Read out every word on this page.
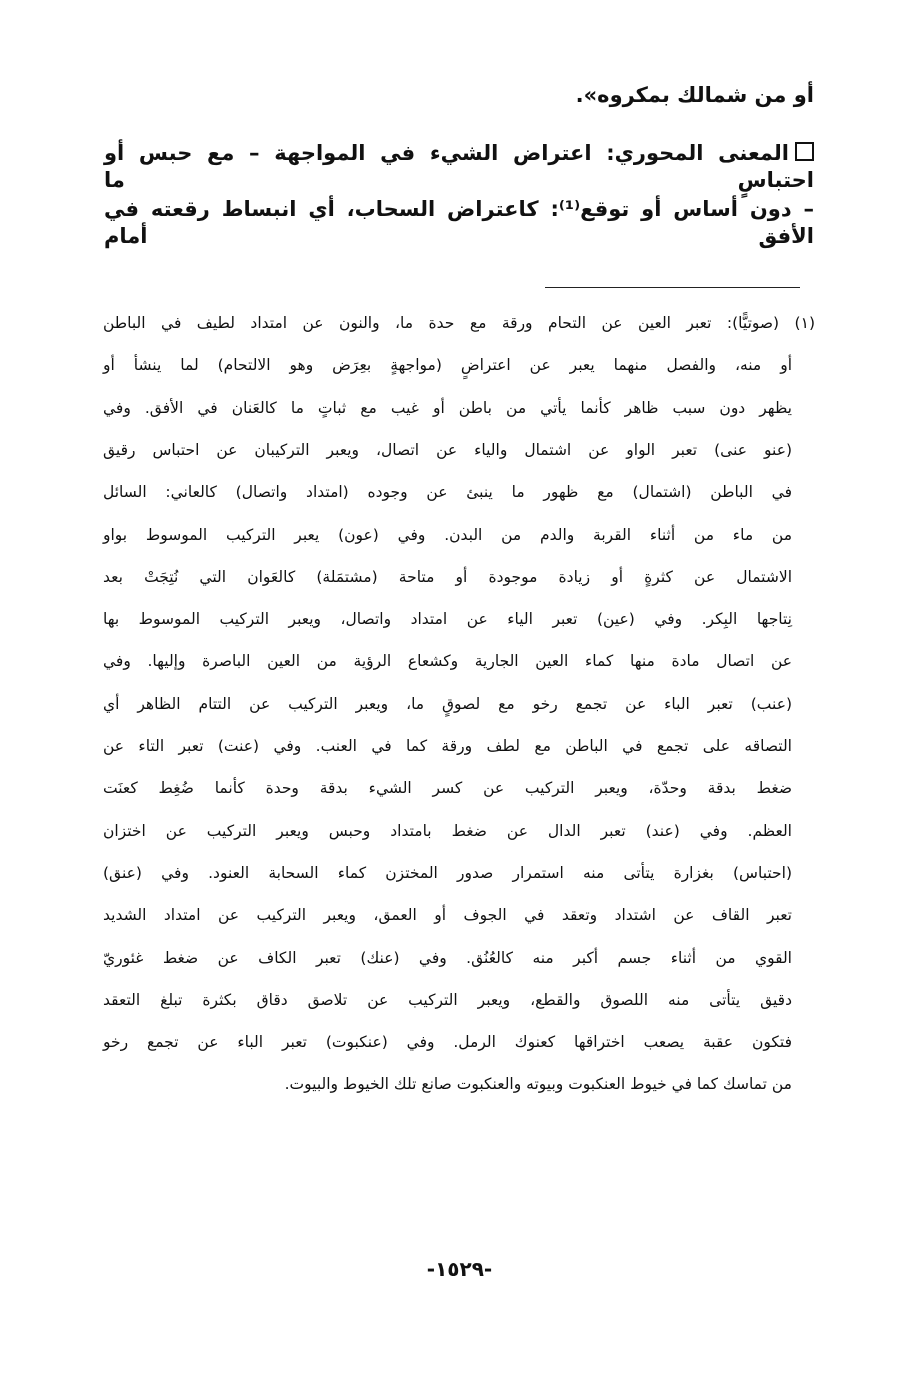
أو من شمالك بمكروه».
المعنى المحوري: اعتراض الشيء في المواجهة – مع حبس أو احتباسٍ ما
– دون أساس أو توقع⁽¹⁾: كاعتراض السحاب، أي انبساط رقعته في الأفق أمام
(١) (صوتيًّا): تعبر العين عن التحام ورقة مع حدة ما، والنون عن امتداد لطيف في الباطن
أو منه، والفصل منهما يعبر عن اعتراضٍ (مواجهةٍ بعِرَض وهو الالتحام) لما ينشأ أو
يظهر دون سبب ظاهر كأنما يأتي من باطن أو غيب مع ثباتٍ ما كالعَنان في الأفق. وفي
(عنو عنى) تعبر الواو عن اشتمال والياء عن اتصال، ويعبر التركيبان عن احتباس رقيق
في الباطن (اشتمال) مع ظهور ما ينبئ عن وجوده (امتداد واتصال) كالعاني: السائل
من ماء من أثناء القربة والدم من البدن. وفي (عون) يعبر التركيب الموسوط بواو
الاشتمال عن كثرةٍ أو زيادة موجودة أو متاحة (مشتمَلة) كالعَوان التي نُتِجَتْ بعد
نِتاجها البِكر. وفي (عين) تعبر الياء عن امتداد واتصال، ويعبر التركيب الموسوط بها
عن اتصال مادة منها كماء العين الجارية وكشعاع الرؤية من العين الباصرة وإليها. وفي
(عنب) تعبر الباء عن تجمع رخو مع لصوقٍ ما، ويعبر التركيب عن التتام الظاهر أي
التصاقه على تجمع في الباطن مع لطف ورقة كما في العنب. وفي (عنت) تعبر التاء عن
ضغط بدقة وحدّة، ويعبر التركيب عن كسر الشيء بدقة وحدة كأنما ضُغِط كعنَت
العظم. وفي (عند) تعبر الدال عن ضغط بامتداد وحبس ويعبر التركيب عن اختزان
(احتباس) بغزارة يتأتى منه استمرار صدور المختزن كماء السحابة العنود. وفي (عنق)
تعبر القاف عن اشتداد وتعقد في الجوف أو العمق، ويعبر التركيب عن امتداد الشديد
القوي من أثناء جسم أكبر منه كالعُنُق. وفي (عنك) تعبر الكاف عن ضغط غئوريّ
دقيق يتأتى منه اللصوق والقطع، ويعبر التركيب عن تلاصق دقاق بكثرة تبلغ التعقد
فتكون عقبة يصعب اختراقها كعنوك الرمل. وفي (عنكبوت) تعبر الباء عن تجمع رخو
من تماسك كما في خيوط العنكبوت وبيوته والعنكبوت صانع تلك الخيوط والبيوت.
-١٥٢٩-
